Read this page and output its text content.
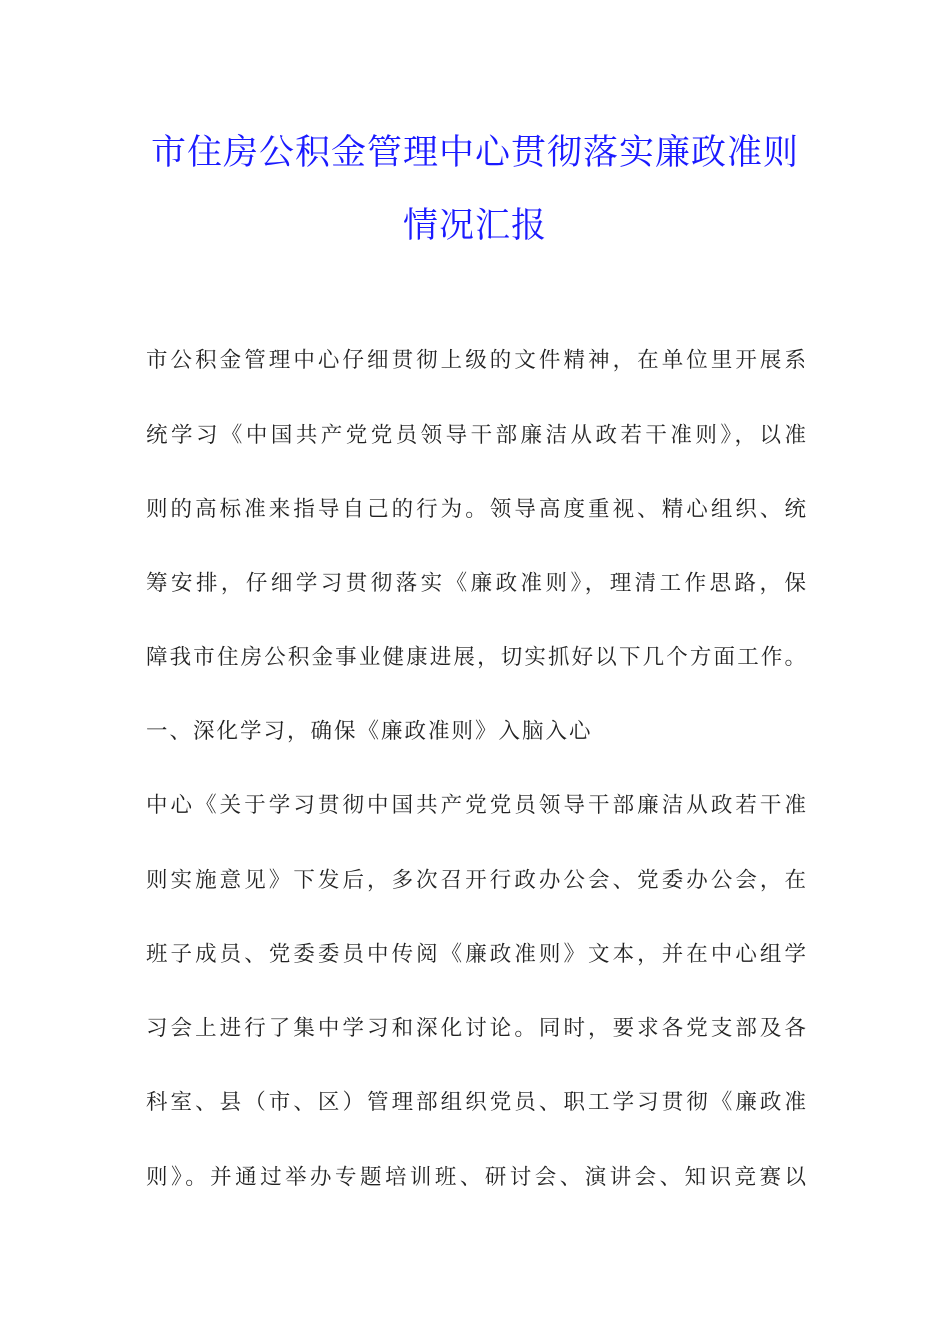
市住房公积金管理中心贯彻落实廉政准则
情况汇报
市公积金管理中心仔细贯彻上级的文件精神，在单位里开展系
统学习《中国共产党党员领导干部廉洁从政若干准则》，以准
则的高标准来指导自己的行为。领导高度重视、精心组织、统
筹安排，仔细学习贯彻落实《廉政准则》，理清工作思路，保
障我市住房公积金事业健康进展，切实抓好以下几个方面工作。
一、深化学习，确保《廉政准则》入脑入心
中心《关于学习贯彻中国共产党党员领导干部廉洁从政若干准
则实施意见》下发后，多次召开行政办公会、党委办公会，在
班子成员、党委委员中传阅《廉政准则》文本，并在中心组学
习会上进行了集中学习和深化讨论。同时，要求各党支部及各
科室、县（市、区）管理部组织党员、职工学习贯彻《廉政准
则》。并通过举办专题培训班、研讨会、演讲会、知识竞赛以
